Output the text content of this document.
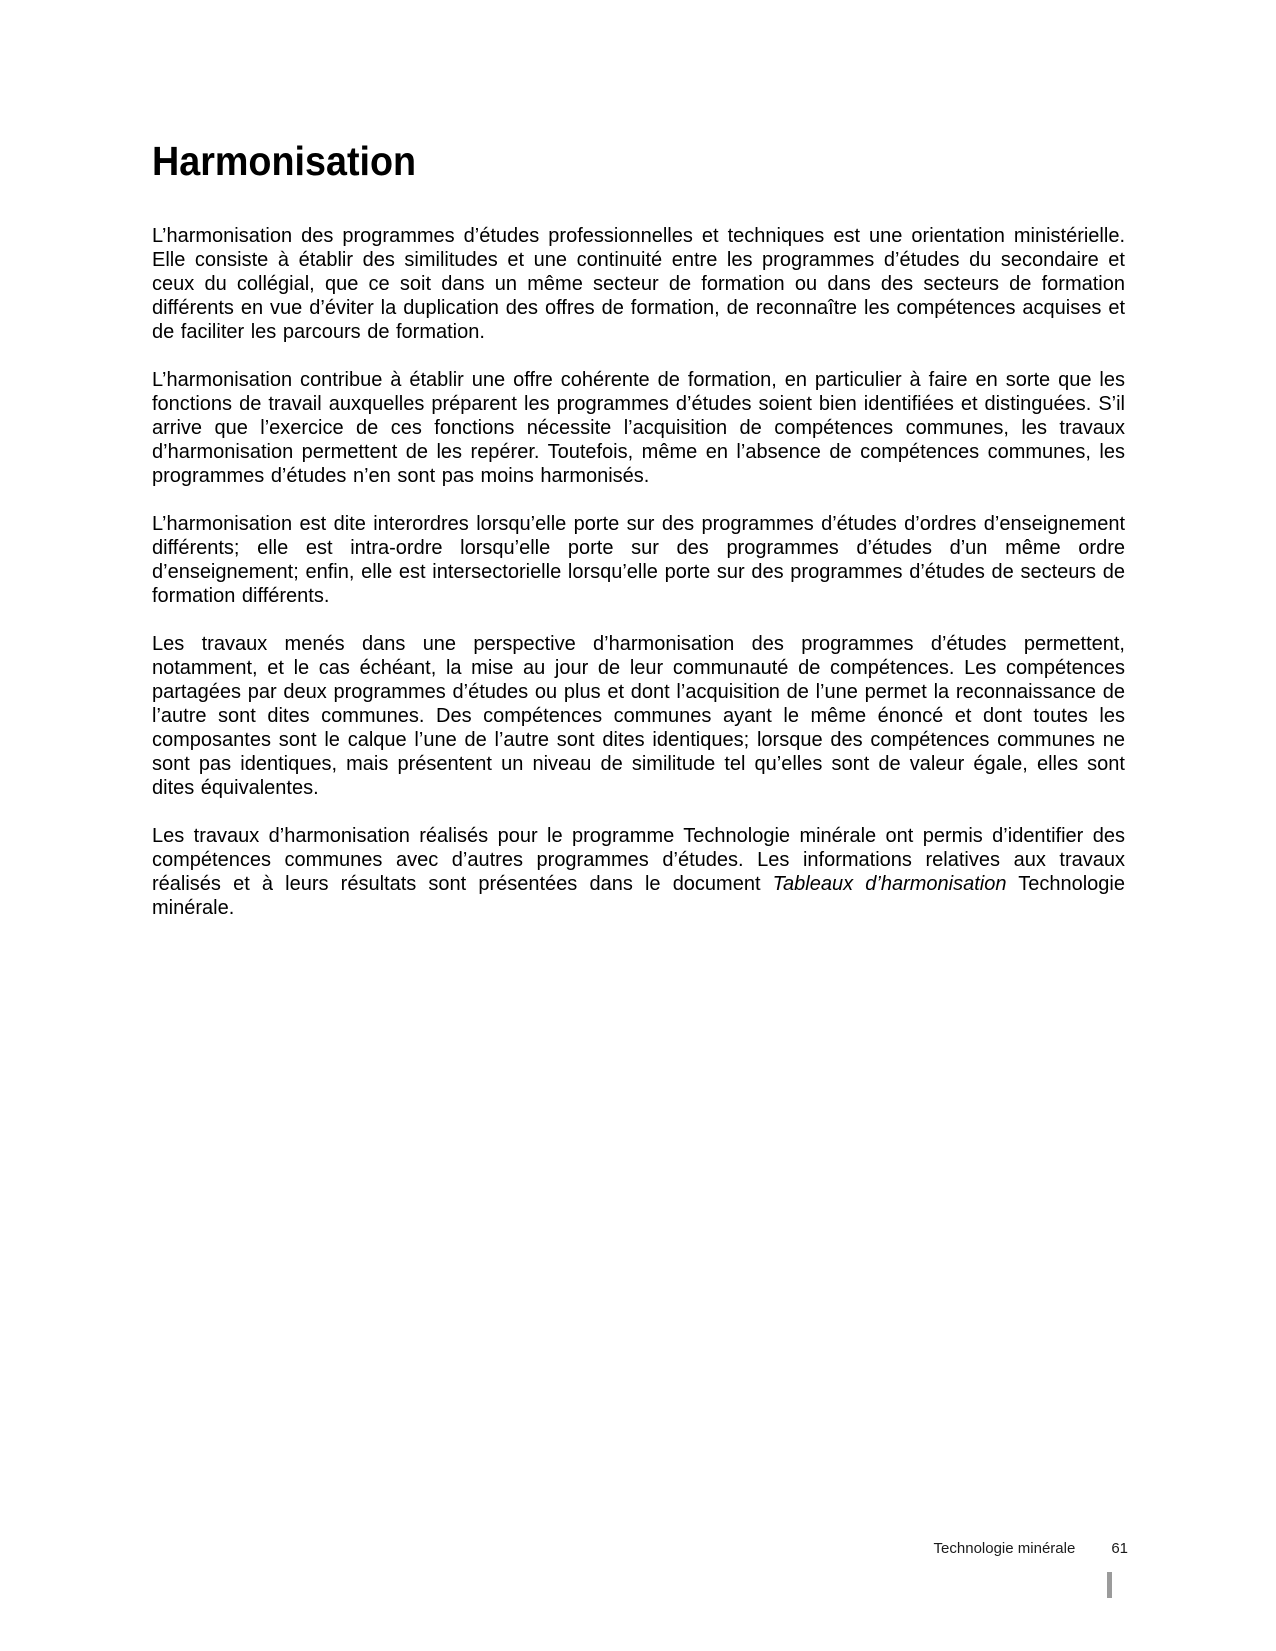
Harmonisation

L’harmonisation des programmes d’études professionnelles et techniques est une orientation ministérielle. Elle consiste à établir des similitudes et une continuité entre les programmes d’études du secondaire et ceux du collégial, que ce soit dans un même secteur de formation ou dans des secteurs de formation différents en vue d’éviter la duplication des offres de formation, de reconnaître les compétences acquises et de faciliter les parcours de formation.

L’harmonisation contribue à établir une offre cohérente de formation, en particulier à faire en sorte que les fonctions de travail auxquelles préparent les programmes d’études soient bien identifiées et distinguées. S’il arrive que l’exercice de ces fonctions nécessite l’acquisition de compétences communes, les travaux d’harmonisation permettent de les repérer. Toutefois, même en l’absence de compétences communes, les programmes d’études n’en sont pas moins harmonisés.

L’harmonisation est dite interordres lorsqu’elle porte sur des programmes d’études d’ordres d’enseignement différents; elle est intra-ordre lorsqu’elle porte sur des programmes d’études d’un même ordre d’enseignement; enfin, elle est intersectorielle lorsqu’elle porte sur des programmes d’études de secteurs de formation différents.

Les travaux menés dans une perspective d’harmonisation des programmes d’études permettent, notamment, et le cas échéant, la mise au jour de leur communauté de compétences. Les compétences partagées par deux programmes d’études ou plus et dont l’acquisition de l’une permet la reconnaissance de l’autre sont dites communes. Des compétences communes ayant le même énoncé et dont toutes les composantes sont le calque l’une de l’autre sont dites identiques; lorsque des compétences communes ne sont pas identiques, mais présentent un niveau de similitude tel qu’elles sont de valeur égale, elles sont dites équivalentes.

Les travaux d’harmonisation réalisés pour le programme Technologie minérale ont permis d’identifier des compétences communes avec d’autres programmes d’études. Les informations relatives aux travaux réalisés et à leurs résultats sont présentées dans le document Tableaux d’harmonisation Technologie minérale.

Technologie minérale 61
